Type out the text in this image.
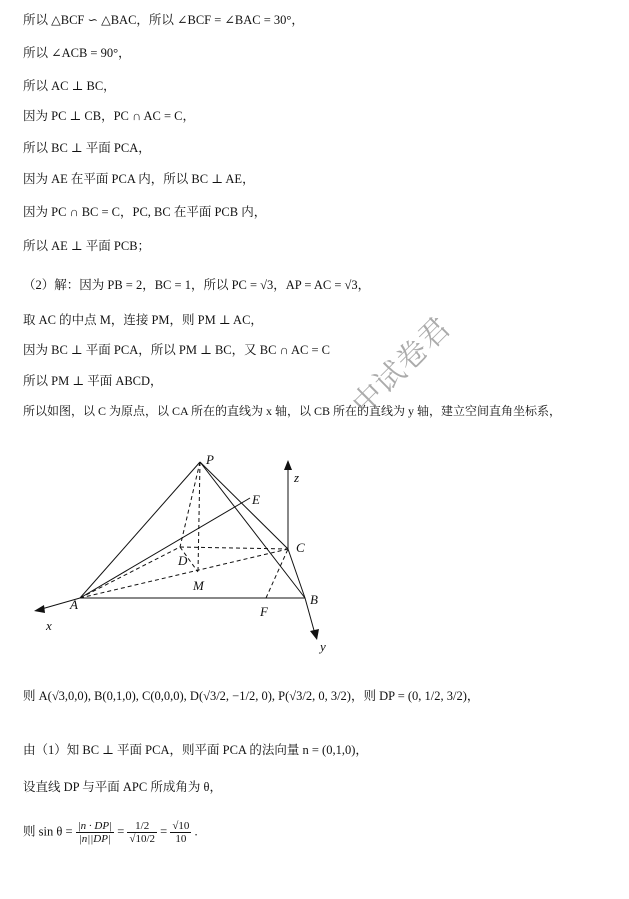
所以 △BCF ∽ △BAC，所以 ∠BCF = ∠BAC = 30°，
所以 ∠ACB = 90°，
所以 AC ⊥ BC，
因为 PC ⊥ CB，PC ∩ AC = C，
所以 BC ⊥ 平面 PCA，
因为 AE 在平面 PCA 内，所以 BC ⊥ AE，
因为 PC ∩ BC = C，PC, BC 在平面 PCB 内，
所以 AE ⊥ 平面 PCB；
（2）解：因为 PB = 2，BC = 1，所以 PC = √3，AP = AC = √3，
取 AC 的中点 M，连接 PM，则 PM ⊥ AC，
因为 BC ⊥ 平面 PCA，所以 PM ⊥ BC，又 BC ∩ AC = C
所以 PM ⊥ 平面 ABCD，
所以如图，以 C 为原点，以 CA 所在的直线为 x 轴，以 CB 所在的直线为 y 轴，建立空间直角坐标系，
则 A(√3,0,0), B(0,1,0), C(0,0,0), D(√3/2, −1/2, 0), P(√3/2, 0, 3/2)，则 DP = (0, 1/2, 3/2)，
由（1）知 BC ⊥ 平面 PCA，则平面 PCA 的法向量 n = (0,1,0)，
设直线 DP 与平面 APC 所成角为 θ，
中试卷君
P
E
z
C
D
M
A	B
F
x
y
则 $\sin \theta = \frac{|n \cdot DP|}{|n||DP|} = \frac{1/2}{√10/2} = \frac{√10}{10}$ .
